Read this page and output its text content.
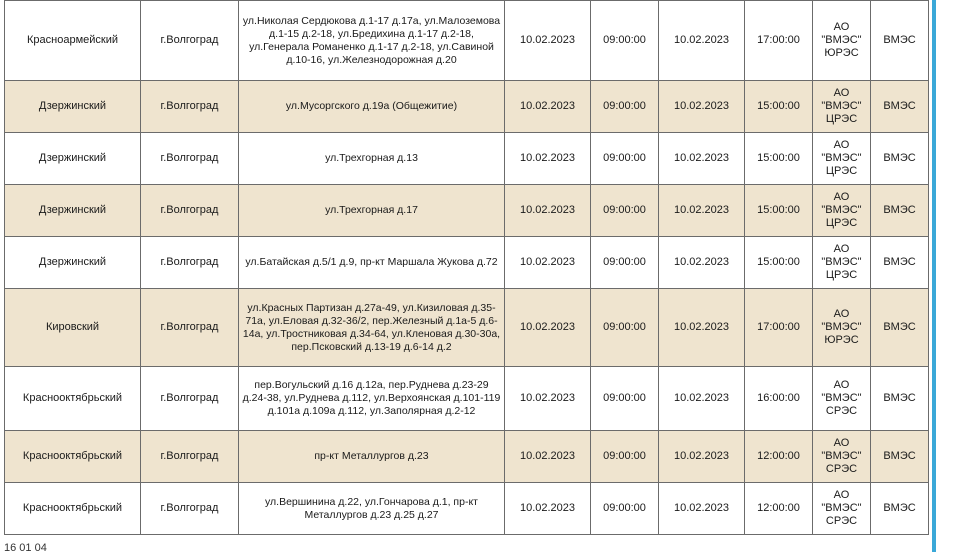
Красноармейский	г.Волгоград	ул.Николая Сердюкова д.1-17 д.17а, ул.Малоземова д.1-15 д.2-18, ул.Бредихина д.1-17 д.2-18, ул.Генерала Романенко д.1-17 д.2-18, ул.Савиной д.10-16, ул.Железнодорожная д.20	10.02.2023	09:00:00	10.02.2023	17:00:00	АО
"ВМЭС"
ЮРЭС	ВМЭС
Дзержинский	г.Волгоград	ул.Мусоргского д.19а (Общежитие)	10.02.2023	09:00:00	10.02.2023	15:00:00	АО
"ВМЭС"
ЦРЭС	ВМЭС
Дзержинский	г.Волгоград	ул.Трехгорная д.13	10.02.2023	09:00:00	10.02.2023	15:00:00	АО
"ВМЭС"
ЦРЭС	ВМЭС
Дзержинский	г.Волгоград	ул.Трехгорная д.17	10.02.2023	09:00:00	10.02.2023	15:00:00	АО
"ВМЭС"
ЦРЭС	ВМЭС
Дзержинский	г.Волгоград	ул.Батайская д.5/1 д.9, пр-кт Маршала Жукова д.72	10.02.2023	09:00:00	10.02.2023	15:00:00	АО
"ВМЭС"
ЦРЭС	ВМЭС
Кировский	г.Волгоград	ул.Красных Партизан д.27а-49, ул.Кизиловая д.35-71а, ул.Еловая д.32-36/2, пер.Железный д.1а-5 д.6-14а, ул.Тростниковая д.34-64, ул.Кленовая д.30-30а, пер.Псковский д.13-19 д.6-14 д.2	10.02.2023	09:00:00	10.02.2023	17:00:00	АО
"ВМЭС"
ЮРЭС	ВМЭС
Краснооктябрьский	г.Волгоград	пер.Вогульский д.16 д.12а, пер.Руднева д.23-29 д.24-38, ул.Руднева д.112, ул.Верхоянская д.101-119 д.101а д.109а д.112, ул.Заполярная д.2-12	10.02.2023	09:00:00	10.02.2023	16:00:00	АО
"ВМЭС"
СРЭС	ВМЭС
Краснооктябрьский	г.Волгоград	пр-кт Металлургов д.23	10.02.2023	09:00:00	10.02.2023	12:00:00	АО
"ВМЭС"
СРЭС	ВМЭС
Краснооктябрьский	г.Волгоград	ул.Вершинина д.22, ул.Гончарова д.1, пр-кт Металлургов д.23 д.25 д.27	10.02.2023	09:00:00	10.02.2023	12:00:00	АО
"ВМЭС"
СРЭС	ВМЭС
16 01 04
